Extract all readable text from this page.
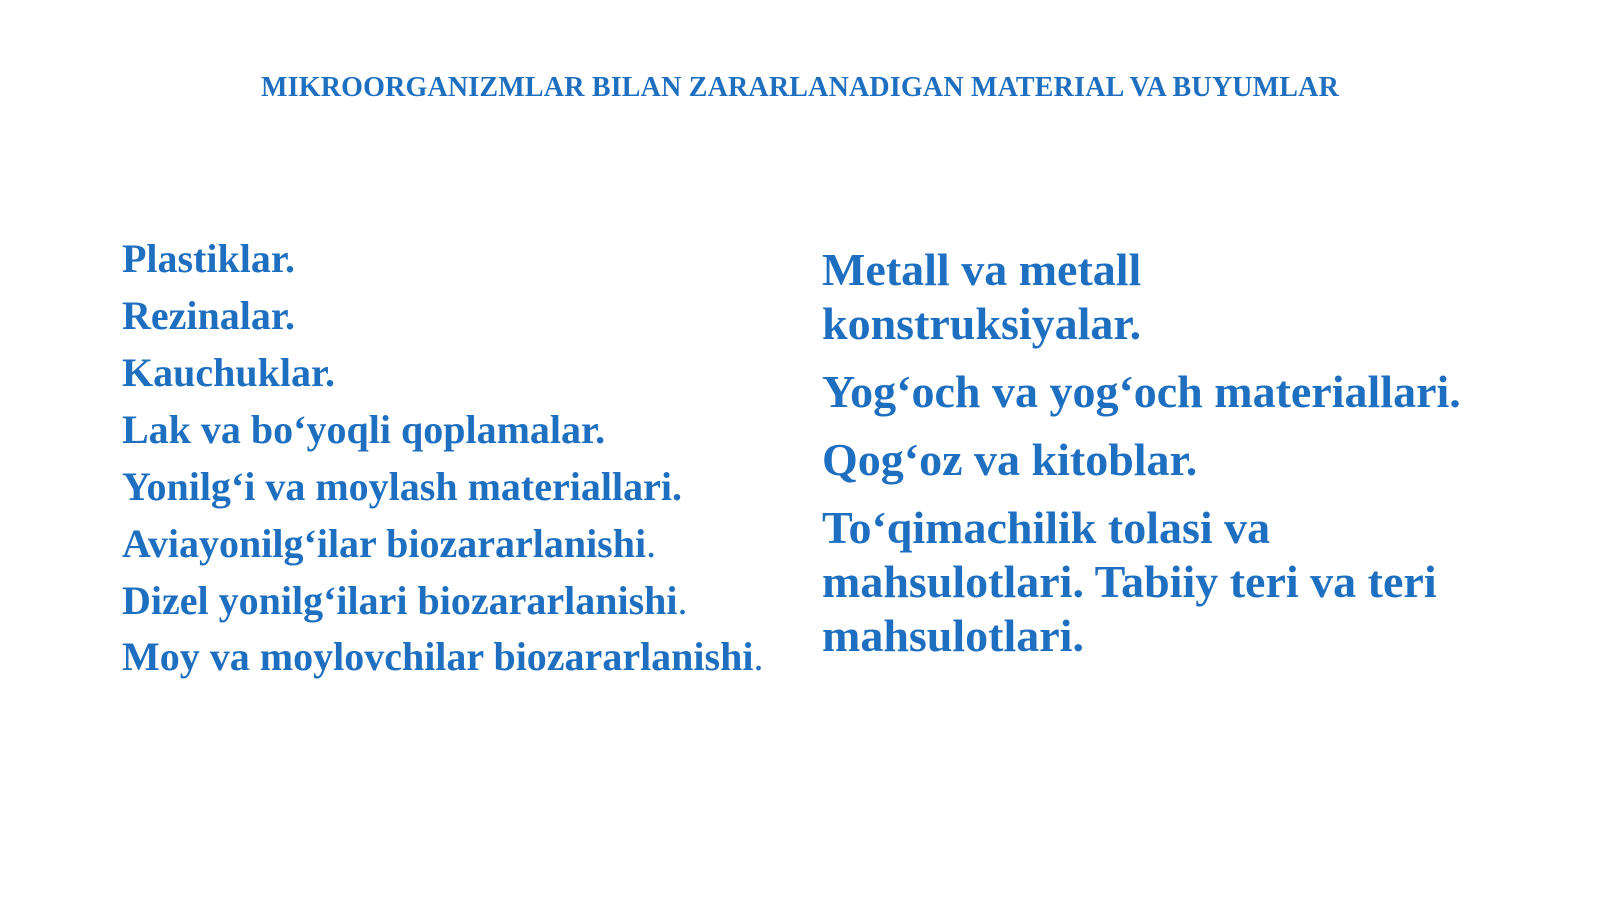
MIKROORGANIZMLAR BILAN ZARARLANADIGAN MATERIAL VA BUYUMLAR
Plastiklar.
Rezinalar.
Kauchuklar.
Lak va bo‘yoqli qoplamalar.
Yonilg‘i va moylash materiallari.
Aviayonilg‘ilar biozararlanishi.
Dizel yonilg‘ilari biozararlanishi.
Moy va moylovchilar biozararlanishi.
Metall va metall konstruksiyalar.
Yog‘och va yog‘och materiallari.
Qog‘oz va kitoblar.
To‘qimachilik tolasi va mahsulotlari. Tabiiy teri va teri mahsulotlari.
